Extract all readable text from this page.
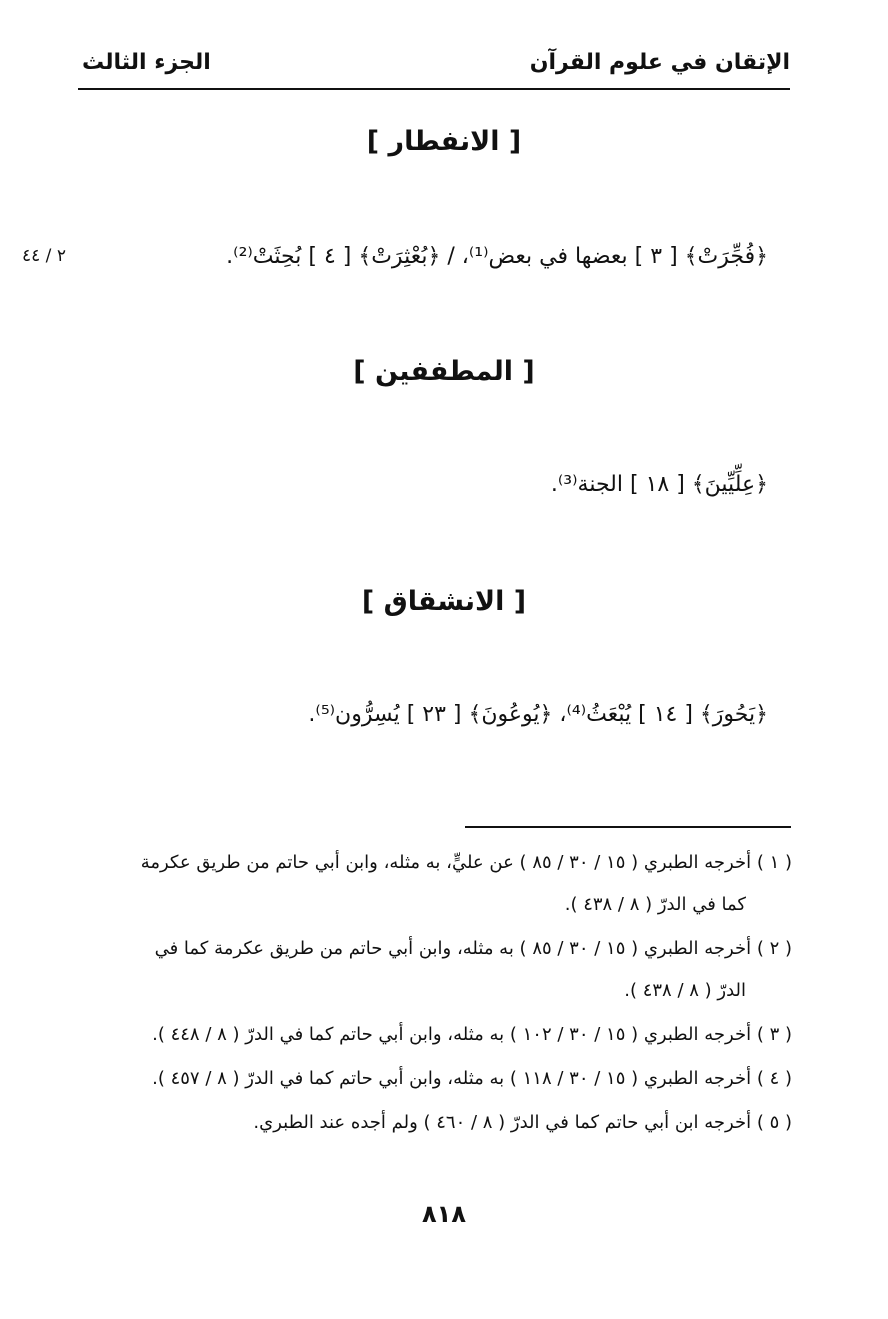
الإتقان في علوم القرآن
الجزء الثالث
[ الانفطار ]
﴿فُجِّرَتْ﴾ [ ٣ ] بعضها في بعض⁽¹⁾، / ﴿بُعْثِرَتْ﴾ [ ٤ ] بُحِثَتْ⁽²⁾.
٢ / ٤٤
[ المطففين ]
﴿عِلِّيِّينَ﴾ [ ١٨ ] الجنة⁽³⁾.
[ الانشقاق ]
﴿يَحُورَ﴾ [ ١٤ ] يُبْعَثُ⁽⁴⁾، ﴿يُوعُونَ﴾ [ ٢٣ ] يُسِرُّون⁽⁵⁾.
( ١ ) أخرجه الطبري ( ١٥ / ٣٠ / ٨٥ ) عن عليٍّ، به مثله، وابن أبي حاتم من طريق عكرمة
كما في الدرّ ( ٨ / ٤٣٨ ).
( ٢ ) أخرجه الطبري ( ١٥ / ٣٠ / ٨٥ ) به مثله، وابن أبي حاتم من طريق عكرمة كما في
الدرّ ( ٨ / ٤٣٨ ).
( ٣ ) أخرجه الطبري ( ١٥ / ٣٠ / ١٠٢ ) به مثله، وابن أبي حاتم كما في الدرّ ( ٨ / ٤٤٨ ).
( ٤ ) أخرجه الطبري ( ١٥ / ٣٠ / ١١٨ ) به مثله، وابن أبي حاتم كما في الدرّ ( ٨ / ٤٥٧ ).
( ٥ ) أخرجه ابن أبي حاتم كما في الدرّ ( ٨ / ٤٦٠ ) ولم أجده عند الطبري.
٨١٨
